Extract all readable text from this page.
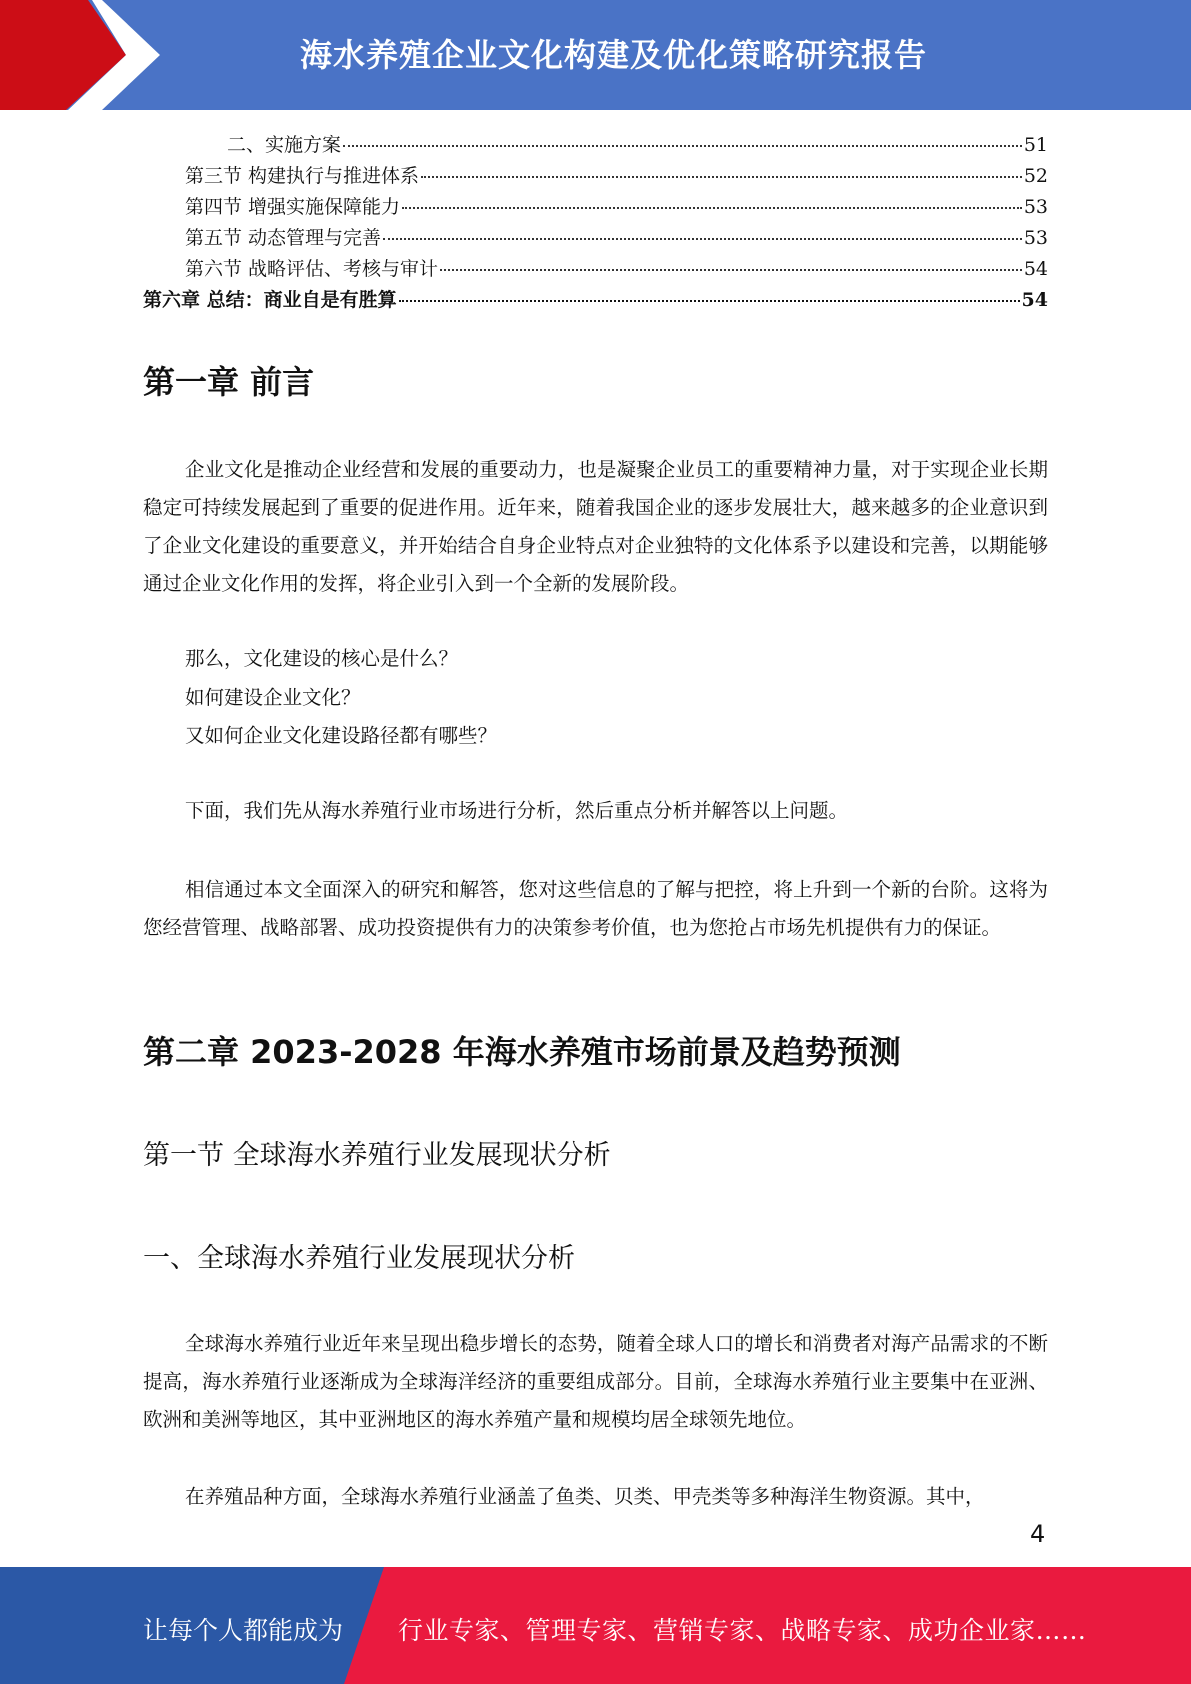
海水养殖企业文化构建及优化策略研究报告
二、实施方案	51
第三节 构建执行与推进体系	52
第四节 增强实施保障能力	53
第五节 动态管理与完善	53
第六节 战略评估、考核与审计	54
第六章 总结：商业自是有胜算	54
第一章 前言

企业文化是推动企业经营和发展的重要动力，也是凝聚企业员工的重要精神力量，对于实现企业长期稳定可持续发展起到了重要的促进作用。近年来，随着我国企业的逐步发展壮大，越来越多的企业意识到了企业文化建设的重要意义，并开始结合自身企业特点对企业独特的文化体系予以建设和完善，以期能够通过企业文化作用的发挥，将企业引入到一个全新的发展阶段。

那么，文化建设的核心是什么？

如何建设企业文化？

又如何企业文化建设路径都有哪些？

下面，我们先从海水养殖行业市场进行分析，然后重点分析并解答以上问题。

相信通过本文全面深入的研究和解答，您对这些信息的了解与把控，将上升到一个新的台阶。这将为您经营管理、战略部署、成功投资提供有力的决策参考价值，也为您抢占市场先机提供有力的保证。

第二章 2023-2028 年海水养殖市场前景及趋势预测
第一节 全球海水养殖行业发展现状分析
一、全球海水养殖行业发展现状分析

全球海水养殖行业近年来呈现出稳步增长的态势，随着全球人口的增长和消费者对海产品需求的不断提高，海水养殖行业逐渐成为全球海洋经济的重要组成部分。目前，全球海水养殖行业主要集中在亚洲、欧洲和美洲等地区，其中亚洲地区的海水养殖产量和规模均居全球领先地位。

在养殖品种方面，全球海水养殖行业涵盖了鱼类、贝类、甲壳类等多种海洋生物资源。其中，

4
让每个人都能成为 行业专家、管理专家、营销专家、战略专家、成功企业家……
